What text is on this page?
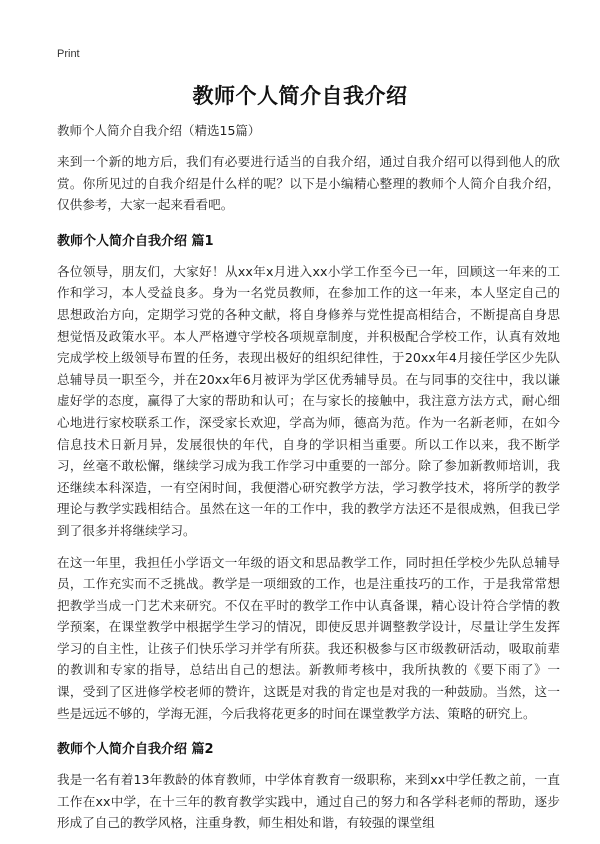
Print
教师个人简介自我介绍
教师个人简介自我介绍（精选15篇）

来到一个新的地方后，我们有必要进行适当的自我介绍，通过自我介绍可以得到他人的欣赏。你所见过的自我介绍是什么样的呢？以下是小编精心整理的教师个人简介自我介绍，仅供参考，大家一起来看看吧。

教师个人简介自我介绍 篇1

各位领导，朋友们，大家好！从xx年x月进入xx小学工作至今已一年，回顾这一年来的工作和学习，本人受益良多。身为一名党员教师，在参加工作的这一年来，本人坚定自己的思想政治方向，定期学习党的各种文献，将自身修养与党性提高相结合，不断提高自身思想觉悟及政策水平。本人严格遵守学校各项规章制度，并积极配合学校工作，认真有效地完成学校上级领导布置的任务，表现出极好的组织纪律性，于20xx年4月接任学区少先队总辅导员一职至今，并在20xx年6月被评为学区优秀辅导员。在与同事的交往中，我以谦虚好学的态度，赢得了大家的帮助和认可；在与家长的接触中，我注意方法方式，耐心细心地进行家校联系工作，深受家长欢迎，学高为师，德高为范。作为一名新老师，在如今信息技术日新月异，发展很快的年代，自身的学识相当重要。所以工作以来，我不断学习，丝毫不敢松懈，继续学习成为我工作学习中重要的一部分。除了参加新教师培训，我还继续本科深造，一有空闲时间，我便潜心研究教学方法，学习教学技术，将所学的教学理论与教学实践相结合。虽然在这一年的工作中，我的教学方法还不是很成熟，但我已学到了很多并将继续学习。

在这一年里，我担任小学语文一年级的语文和思品教学工作，同时担任学校少先队总辅导员，工作充实而不乏挑战。教学是一项细致的工作，也是注重技巧的工作，于是我常常想把教学当成一门艺术来研究。不仅在平时的教学工作中认真备课，精心设计符合学情的教学预案，在课堂教学中根据学生学习的情况，即使反思并调整教学设计，尽量让学生发挥学习的自主性，让孩子们快乐学习并学有所获。我还积极参与区市级教研活动，吸取前辈的教训和专家的指导，总结出自己的想法。新教师考核中，我所执教的《要下雨了》一课，受到了区进修学校老师的赞许，这既是对我的肯定也是对我的一种鼓励。当然，这一些是远远不够的，学海无涯，今后我将花更多的时间在课堂教学方法、策略的研究上。

教师个人简介自我介绍 篇2

我是一名有着13年教龄的体育教师，中学体育教育一级职称，来到xx中学任教之前，一直工作在xx中学，在十三年的教育教学实践中，通过自己的努力和各学科老师的帮助，逐步形成了自己的教学风格，注重身教，师生相处和谐，有较强的课堂组
